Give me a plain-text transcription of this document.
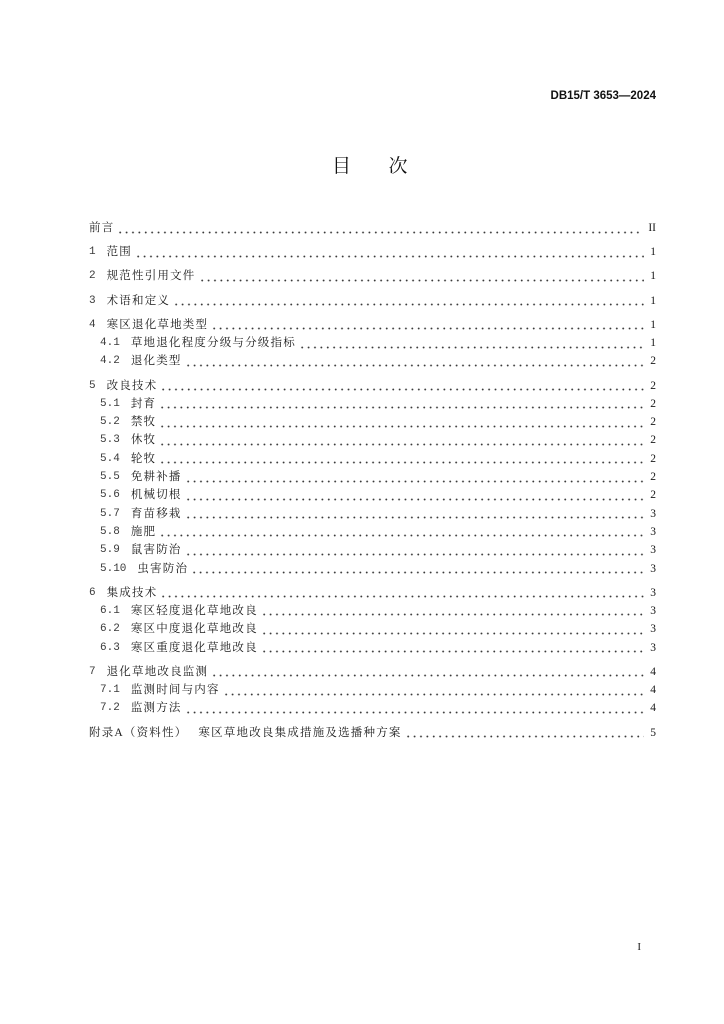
DB15/T 3653—2024
目次
前言	II
1 范围	1
2 规范性引用文件	1
3 术语和定义	1
4 寒区退化草地类型	1
4.1 草地退化程度分级与分级指标	1
4.2 退化类型	2
5 改良技术	2
5.1 封育	2
5.2 禁牧	2
5.3 休牧	2
5.4 轮牧	2
5.5 免耕补播	2
5.6 机械切根	2
5.7 育苗移栽	3
5.8 施肥	3
5.9 鼠害防治	3
5.10 虫害防治	3
6 集成技术	3
6.1 寒区轻度退化草地改良	3
6.2 寒区中度退化草地改良	3
6.3 寒区重度退化草地改良	3
7 退化草地改良监测	4
7.1 监测时间与内容	4
7.2 监测方法	4
附录A（资料性） 寒区草地改良集成措施及选播种方案	5
I
